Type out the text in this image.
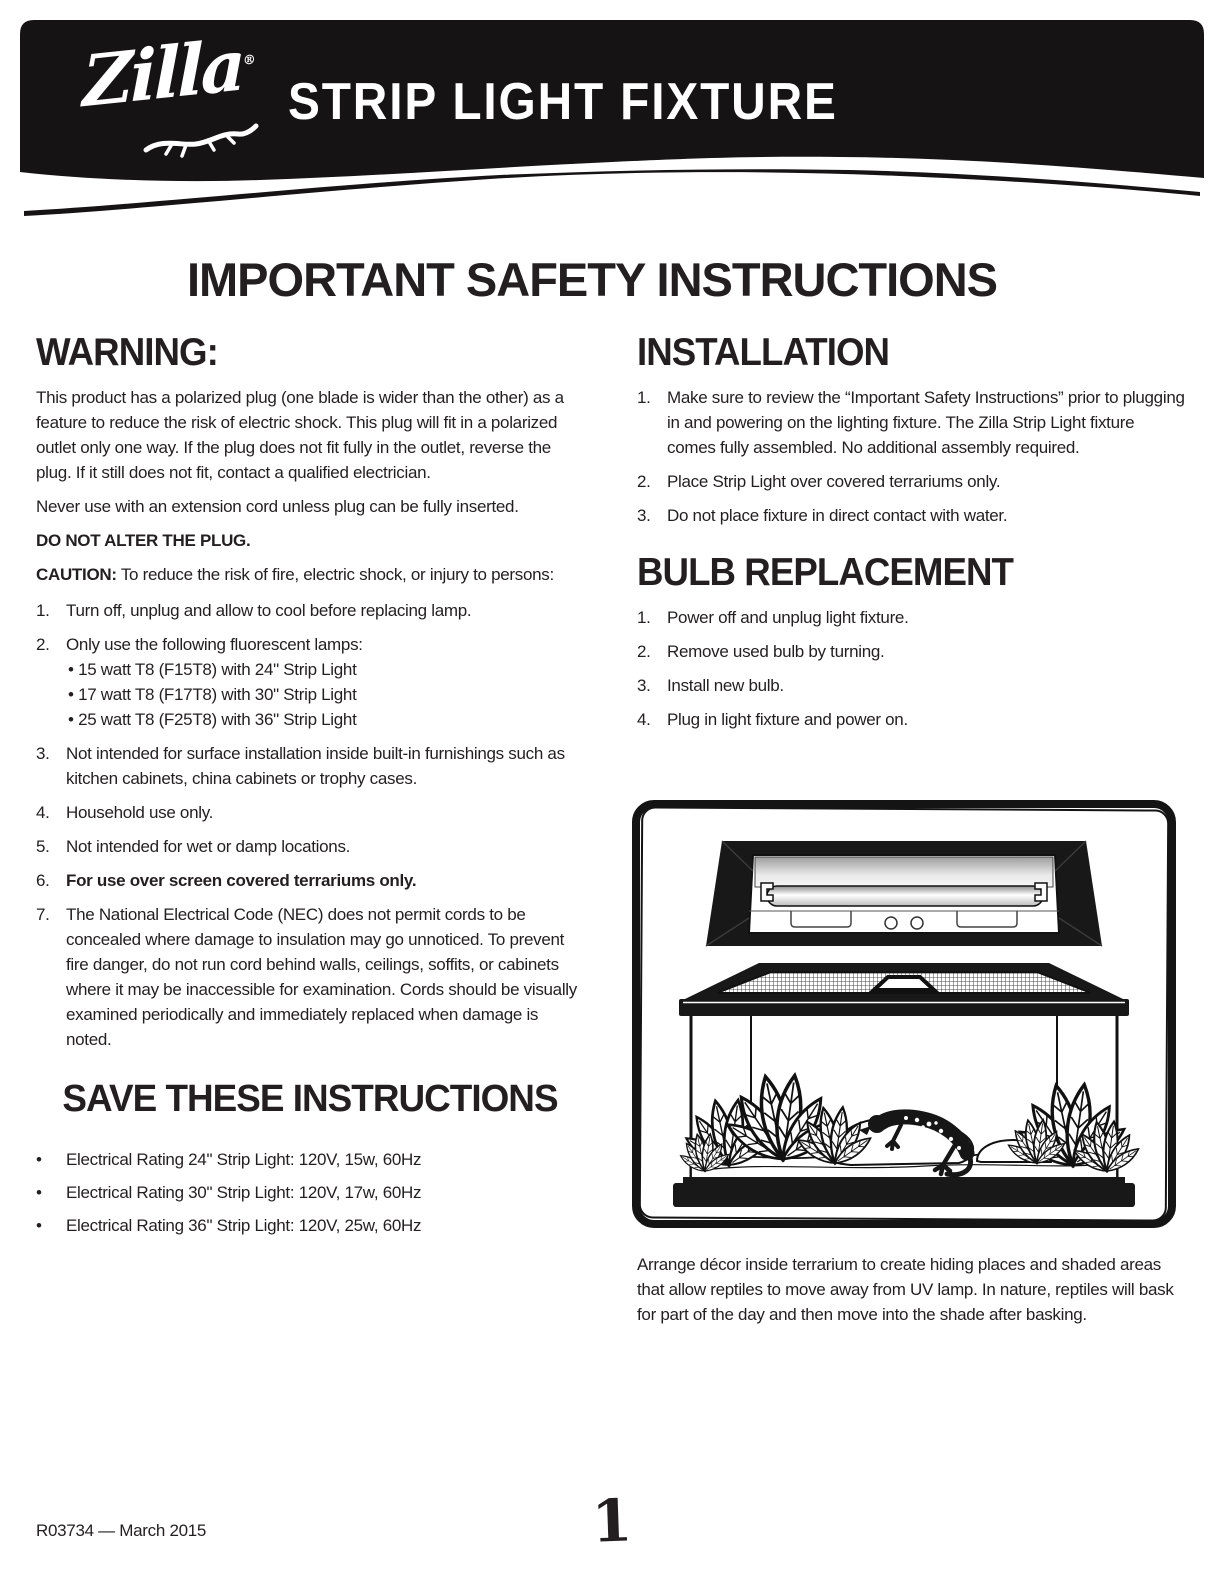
Zilla®
STRIP LIGHT FIXTURE
IMPORTANT SAFETY INSTRUCTIONS
WARNING:

This product has a polarized plug (one blade is wider than the other) as a feature to reduce the risk of electric shock. This plug will fit in a polarized outlet only one way. If the plug does not fit fully in the outlet, reverse the plug. If it still does not fit, contact a qualified electrician.

Never use with an extension cord unless plug can be fully inserted.

DO NOT ALTER THE PLUG.

CAUTION: To reduce the risk of fire, electric shock, or injury to persons:

1. Turn off, unplug and allow to cool before replacing lamp.
2. Only use the following fluorescent lamps:
• 15 watt T8 (F15T8) with 24" Strip Light
• 17 watt T8 (F17T8) with 30" Strip Light
• 25 watt T8 (F25T8) with 36" Strip Light
3. Not intended for surface installation inside built-in furnishings such as kitchen cabinets, china cabinets or trophy cases.
4. Household use only.
5. Not intended for wet or damp locations.
6. For use over screen covered terrariums only.
7. The National Electrical Code (NEC) does not permit cords to be concealed where damage to insulation may go unnoticed. To prevent fire danger, do not run cord behind walls, ceilings, soffits, or cabinets where it may be inaccessible for examination. Cords should be visually examined periodically and immediately replaced when damage is noted.
SAVE THESE INSTRUCTIONS
• Electrical Rating 24" Strip Light: 120V, 15w, 60Hz
• Electrical Rating 30" Strip Light: 120V, 17w, 60Hz
• Electrical Rating 36" Strip Light: 120V, 25w, 60Hz
INSTALLATION
1. Make sure to review the “Important Safety Instructions” prior to plugging in and powering on the lighting fixture. The Zilla Strip Light fixture comes fully assembled. No additional assembly required.
2. Place Strip Light over covered terrariums only.
3. Do not place fixture in direct contact with water.
BULB REPLACEMENT
1. Power off and unplug light fixture.
2. Remove used bulb by turning.
3. Install new bulb.
4. Plug in light fixture and power on.

Arrange décor inside terrarium to create hiding places and shaded areas that allow reptiles to move away from UV lamp. In nature, reptiles will bask for part of the day and then move into the shade after basking.

R03734 — March 2015	1
